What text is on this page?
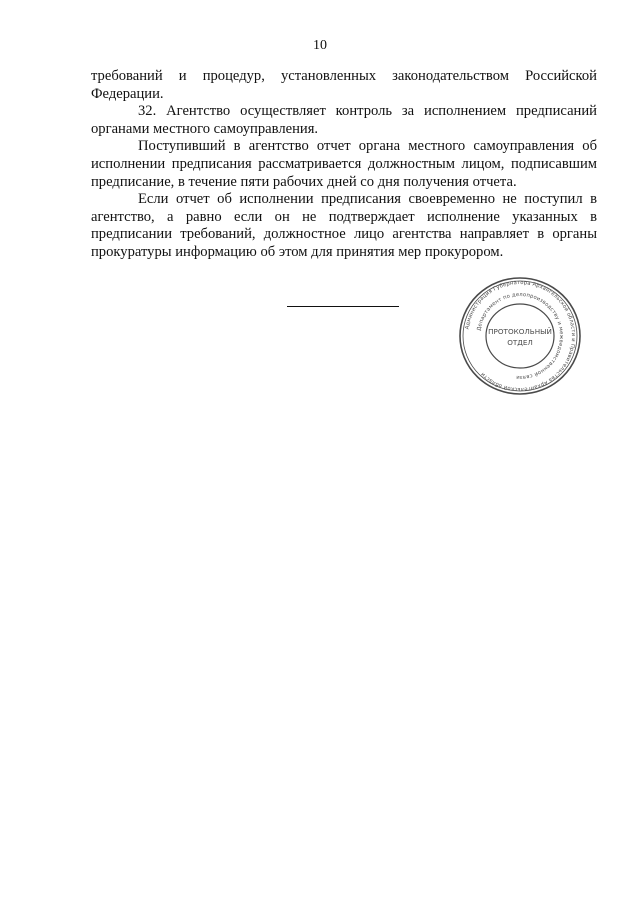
10

требований и процедур, установленных законодательством Российской Федерации.

32. Агентство осуществляет контроль за исполнением предписаний органами местного самоуправления.

Поступивший в агентство отчет органа местного самоуправления об исполнении предписания рассматривается должностным лицом, подписавшим предписание, в течение пяти рабочих дней со дня получения отчета.

Если отчет об исполнении предписания своевременно не поступил в агентство, а равно если он не подтверждает исполнение указанных в предписании требований, должностное лицо агентства направляет в органы прокуратуры информацию об этом для принятия мер прокурором.

Администрация Губернатора Архангельской области и Правительства Архангельской области
Департамент по делопроизводству и межведомственной связи
ПРОТОКОЛЬНЫЙ
ОТДЕЛ
